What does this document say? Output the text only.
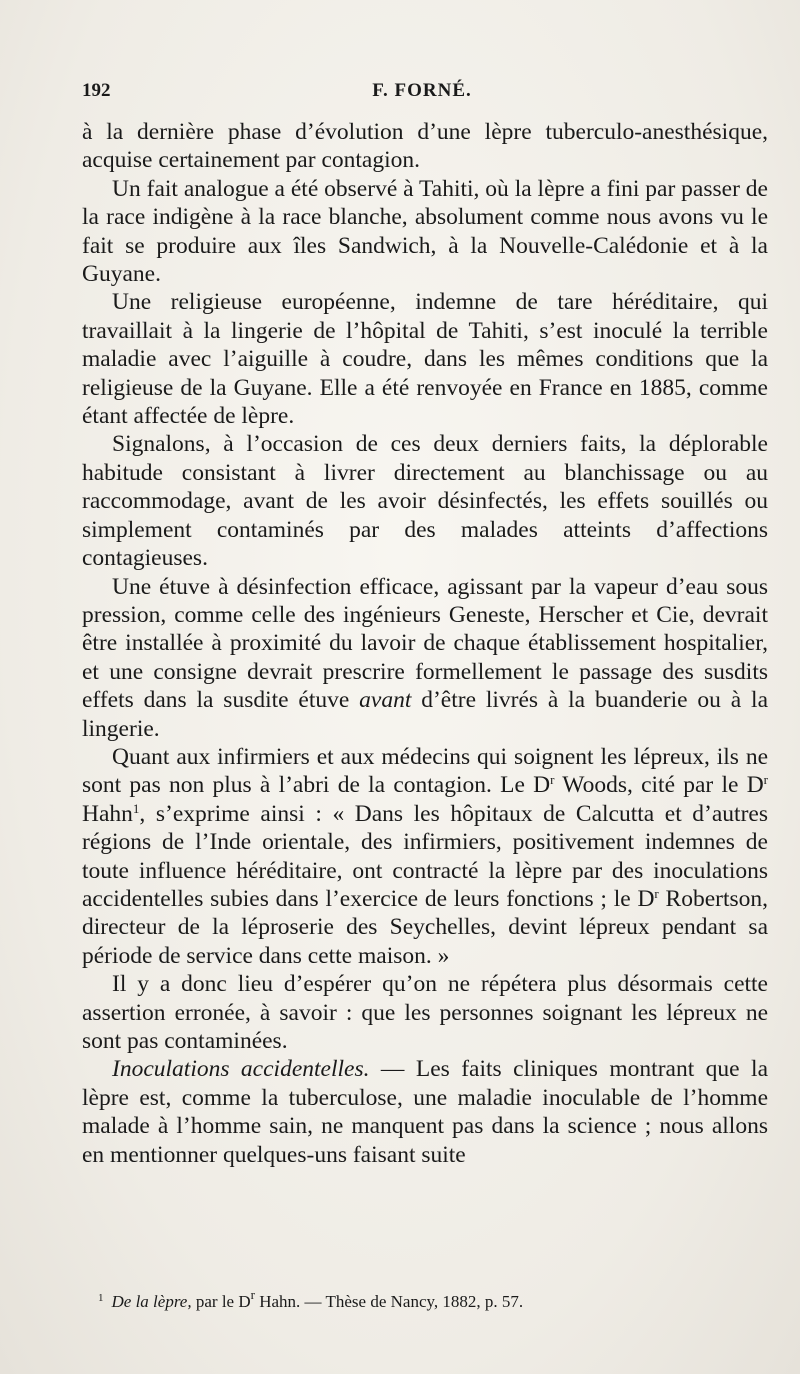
192	F. FORNÉ.

à la dernière phase d’évolution d’une lèpre tuberculo-anesthésique, acquise certainement par contagion.

Un fait analogue a été observé à Tahiti, où la lèpre a fini par passer de la race indigène à la race blanche, absolument comme nous avons vu le fait se produire aux îles Sandwich, à la Nouvelle-Calédonie et à la Guyane.

Une religieuse européenne, indemne de tare héréditaire, qui travaillait à la lingerie de l’hôpital de Tahiti, s’est inoculé la terrible maladie avec l’aiguille à coudre, dans les mêmes conditions que la religieuse de la Guyane. Elle a été renvoyée en France en 1885, comme étant affectée de lèpre.

Signalons, à l’occasion de ces deux derniers faits, la déplorable habitude consistant à livrer directement au blanchissage ou au raccommodage, avant de les avoir désinfectés, les effets souillés ou simplement contaminés par des malades atteints d’affections contagieuses.

Une étuve à désinfection efficace, agissant par la vapeur d’eau sous pression, comme celle des ingénieurs Geneste, Herscher et Cie, devrait être installée à proximité du lavoir de chaque établissement hospitalier, et une consigne devrait prescrire formellement le passage des susdits effets dans la susdite étuve avant d’être livrés à la buanderie ou à la lingerie.

Quant aux infirmiers et aux médecins qui soignent les lépreux, ils ne sont pas non plus à l’abri de la contagion. Le $D^r$ Woods, cité par le $D^r$ Hahn$^1$, s’exprime ainsi : « Dans les hôpitaux de Calcutta et d’autres régions de l’Inde orientale, des infirmiers, positivement indemnes de toute influence héréditaire, ont contracté la lèpre par des inoculations accidentelles subies dans l’exercice de leurs fonctions ; le $D^r$ Robertson, directeur de la léproserie des Seychelles, devint lépreux pendant sa période de service dans cette maison. »

Il y a donc lieu d’espérer qu’on ne répétera plus désormais cette assertion erronée, à savoir : que les personnes soignant les lépreux ne sont pas contaminées.

Inoculations accidentelles. — Les faits cliniques montrant que la lèpre est, comme la tuberculose, une maladie inoculable de l’homme malade à l’homme sain, ne manquent pas dans la science ; nous allons en mentionner quelques-uns faisant suite

$^1$ De la lèpre, par le $D^r$ Hahn. — Thèse de Nancy, 1882, p. 57.
